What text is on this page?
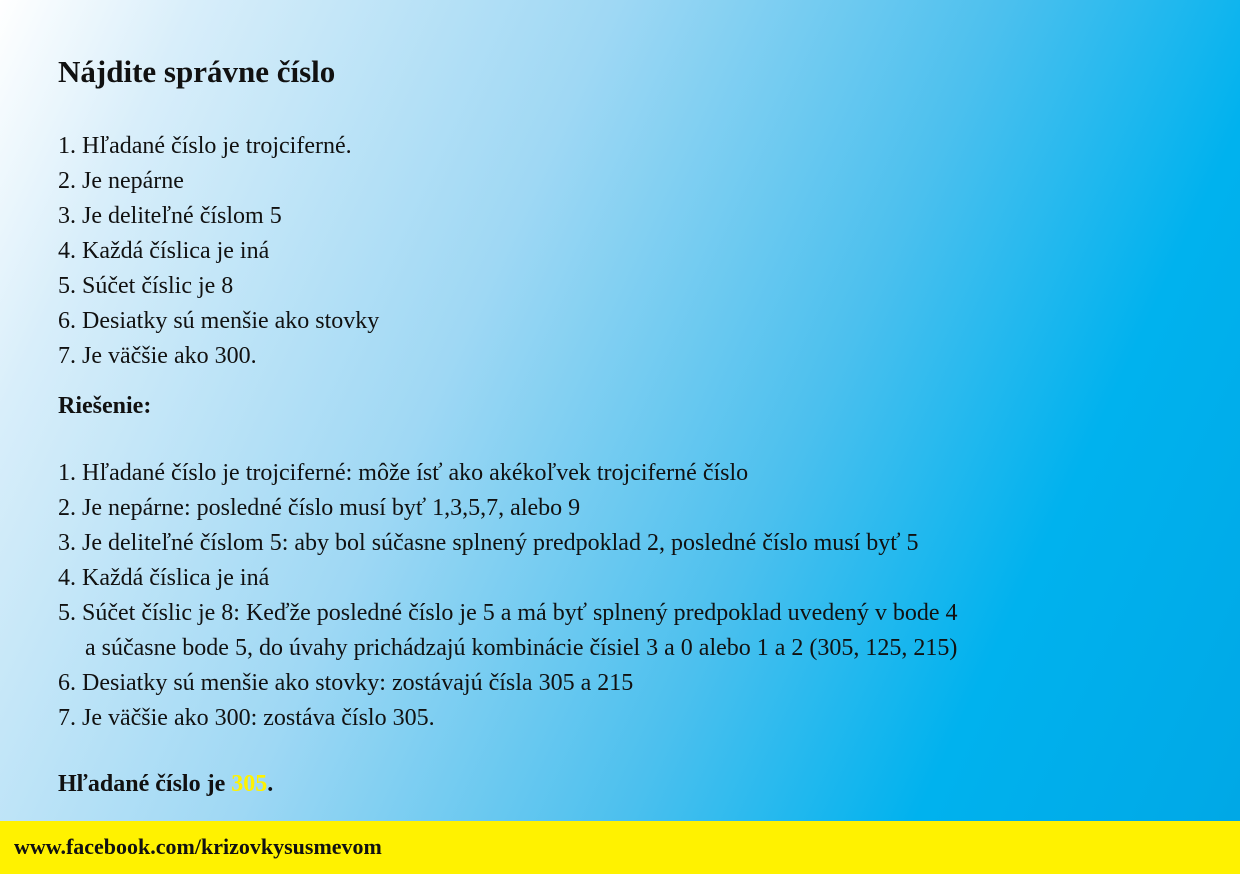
Nájdite správne číslo
1. Hľadané číslo je trojciferné.
2. Je nepárne
3. Je deliteľné číslom 5
4. Každá číslica je iná
5. Súčet číslic je 8
6. Desiatky sú menšie ako stovky
7. Je väčšie ako 300.
Riešenie:
1. Hľadané číslo je trojciferné: môže ísť ako akékoľvek trojciferné číslo
2. Je nepárne: posledné číslo musí byť 1,3,5,7, alebo 9
3. Je deliteľné číslom 5: aby bol súčasne splnený predpoklad 2, posledné číslo musí byť 5
4. Každá číslica je iná
5. Súčet číslic je 8: Keďže posledné číslo je 5 a má byť splnený predpoklad uvedený v bode 4
a súčasne bode 5, do úvahy prichádzajú kombinácie čísiel 3 a 0 alebo 1 a 2 (305, 125, 215)
6. Desiatky sú menšie ako stovky: zostávajú čísla 305 a 215
7. Je väčšie ako 300: zostáva číslo 305.
Hľadané číslo je 305.
www.facebook.com/krizovkysusmevom
